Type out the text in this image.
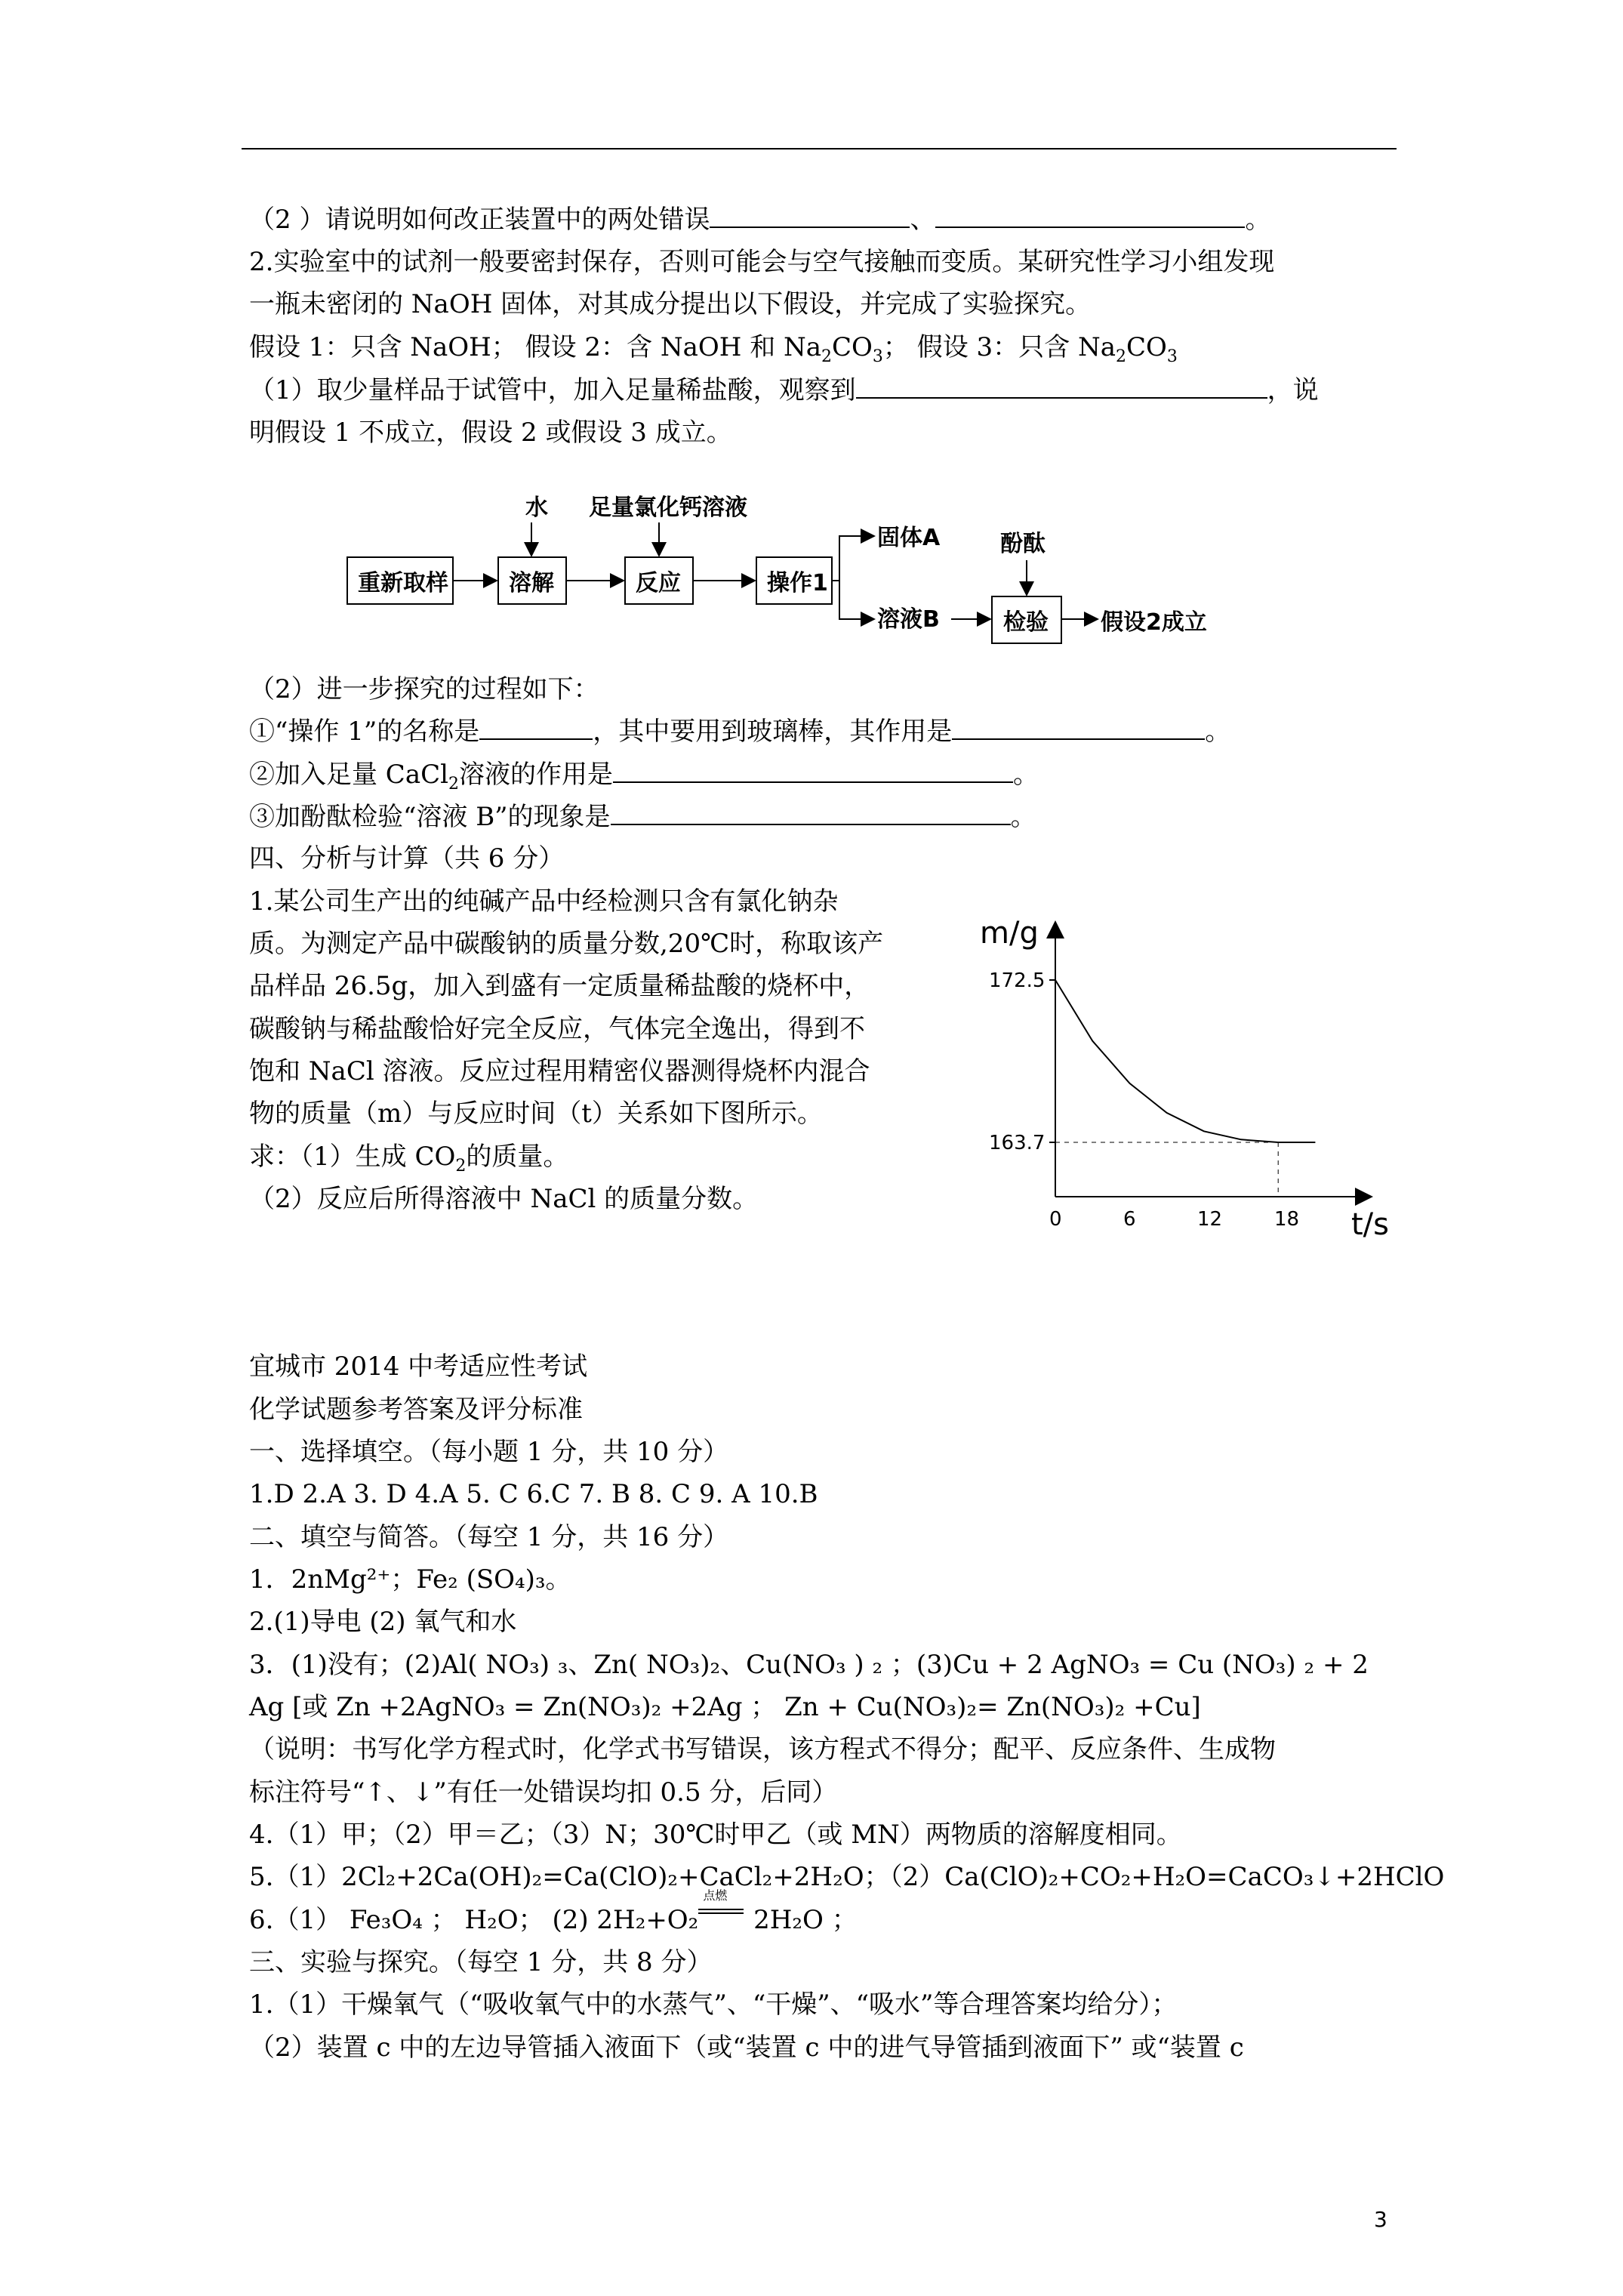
（2 ）请说明如何改正装置中的两处错误	、	。
2.实验室中的试剂一般要密封保存，否则可能会与空气接触而变质。某研究性学习小组发现
一瓶未密闭的 NaOH 固体，对其成分提出以下假设，并完成了实验探究。
假设 1：只含 NaOH； 假设 2：含 NaOH 和 $Na_2CO_3$； 假设 3：只含 $Na_2CO_3$
（1）取少量样品于试管中，加入足量稀盐酸，观察到	，说
明假设 1 不成立，假设 2 或假设 3 成立。
水 足量氯化钙溶液
重新取样	溶解	反应	操作1
固体A
溶液B
酚酞
检验 假设2成立
（2）进一步探究的过程如下：
①“操作 1”的名称是	，其中要用到玻璃棒，其作用是	。
②加入足量 CaCl$_2$溶液的作用是	。
③加酚酞检验“溶液 B”的现象是	。
四、分析与计算（共 6 分）
1.某公司生产出的纯碱产品中经检测只含有氯化钠杂
质。为测定产品中碳酸钠的质量分数,20℃时，称取该产
品样品 26.5g，加入到盛有一定质量稀盐酸的烧杯中，
碳酸钠与稀盐酸恰好完全反应，气体完全逸出，得到不
饱和 NaCl 溶液。反应过程用精密仪器测得烧杯内混合
物的质量（m）与反应时间（t）关系如下图所示。
求：（1）生成 $CO_2$的质量。
（2）反应后所得溶液中 NaCl 的质量分数。
m/g
t/s
172.5
163.7
0	6	12	18
宜城市 2014 中考适应性考试
化学试题参考答案及评分标准
一、选择填空。（每小题 1 分，共 10 分）
1.D 2.A 3. D 4.A 5. C 6.C 7. B 8. C 9. A 10.B
二、填空与简答。（每空 1 分，共 16 分）
1．2nMg²⁺；Fe₂ (SO₄)₃。
2.(1)导电 (2) 氧气和水
3．(1)没有；(2)Al( NO₃) ₃、Zn( NO₃)₂、Cu(NO₃ ) ₂ ；(3)Cu + 2 AgNO₃ = Cu (NO₃) ₂ + 2
Ag [或 Zn +2AgNO₃ = Zn(NO₃)₂ +2Ag ； Zn + Cu(NO₃)₂= Zn(NO₃)₂ +Cu]
（说明：书写化学方程式时，化学式书写错误，该方程式不得分；配平、反应条件、生成物
标注符号“↑、↓”有任一处错误均扣 0.5 分，后同）
4.（1）甲；（2）甲＝乙；（3）N；30℃时甲乙（或 MN）两物质的溶解度相同。
5.（1）2Cl₂+2Ca(OH)₂=Ca(ClO)₂+CaCl₂+2H₂O；（2）Ca(ClO)₂+CO₂+H₂O=CaCO₃↓+2HClO
6.（1） Fe₃O₄ ； H₂O； (2) 2H₂+O₂
点燃
2H₂O ；
三、实验与探究。（每空 1 分，共 8 分）
1.（1）干燥氧气（“吸收氧气中的水蒸气”、“干燥”、“吸水”等合理答案均给分）；
（2）装置 c 中的左边导管插入液面下（或“装置 c 中的进气导管插到液面下” 或“装置 c
3
